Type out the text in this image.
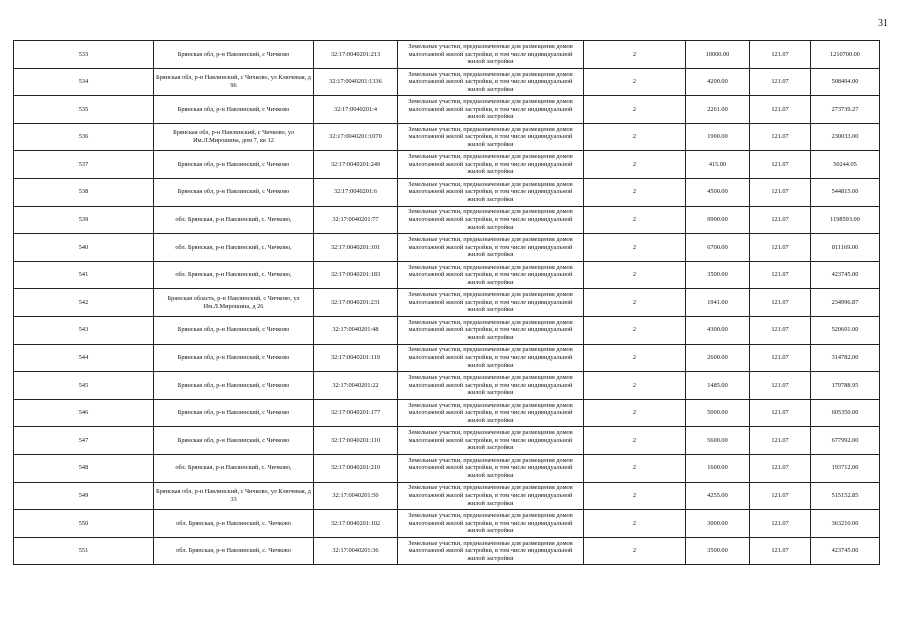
31
533	Брянская обл, р-н Навлинский, с Чичково	32:17:0040201:213	Земельные участки, предназначенные для размещения домов малоэтажной жилой застройки, в том числе индивидуальной жилой застройки	2	10000.00	121.07	1210700.00
534	Брянская обл, р-н Навлинский, с Чичково, ул Ключевая, д 96	32:17:0040201:1336	Земельные участки, предназначенные для размещения домов малоэтажной жилой застройки, в том числе индивидуальной жилой застройки	2	4200.00	121.07	508494.00
535	Брянская обл, р-н Навлинский, с Чичково	32:17:0040201:4	Земельные участки, предназначенные для размещения домов малоэтажной жилой застройки, в том числе индивидуальной жилой застройки	2	2261.00	121.07	273739.27
536	Брянская обл, р-н Навлинский, с Чичково, ул Им.Л.Мирошина, дом 7, кв 12	32:17:0040201:1070	Земельные участки, предназначенные для размещения домов малоэтажной жилой застройки, в том числе индивидуальной жилой застройки	2	1900.00	121.07	230033.00
537	Брянская обл, р-н Навлинский, с Чичково	32:17:0040201:249	Земельные участки, предназначенные для размещения домов малоэтажной жилой застройки, в том числе индивидуальной жилой застройки	2	415.00	121.07	50244.05
538	Брянская обл, р-н Навлинский, с Чичково	32:17:0040201:6	Земельные участки, предназначенные для размещения домов малоэтажной жилой застройки, в том числе индивидуальной жилой застройки	2	4500.00	121.07	544815.00
539	обл. Брянская, р-н Навлинский, с. Чичково,	32:17:0040201:77	Земельные участки, предназначенные для размещения домов малоэтажной жилой застройки, в том числе индивидуальной жилой застройки	2	9900.00	121.07	1198593.00
540	обл. Брянская, р-н Навлинский, с. Чичково,	32:17:0040201:101	Земельные участки, предназначенные для размещения домов малоэтажной жилой застройки, в том числе индивидуальной жилой застройки	2	6700.00	121.07	811169.00
541	обл. Брянская, р-н Навлинский, с. Чичково,	32:17:0040201:183	Земельные участки, предназначенные для размещения домов малоэтажной жилой застройки, в том числе индивидуальной жилой застройки	2	3500.00	121.07	423745.00
542	Брянская область, р-н Навлинский, с Чичково, ул Им.Л.Мирошина, д 26	32:17:0040201:231	Земельные участки, предназначенные для размещения домов малоэтажной жилой застройки, в том числе индивидуальной жилой застройки	2	1941.00	121.07	234996.87
543	Брянская обл, р-н Навлинский, с Чичково	32:17:0040201:48	Земельные участки, предназначенные для размещения домов малоэтажной жилой застройки, в том числе индивидуальной жилой застройки	2	4300.00	121.07	520601.00
544	Брянская обл, р-н Навлинский, с Чичково	32:17:0040201:119	Земельные участки, предназначенные для размещения домов малоэтажной жилой застройки, в том числе индивидуальной жилой застройки	2	2600.00	121.07	314782.00
545	Брянская обл, р-н Навлинский, с Чичково	32:17:0040201:22	Земельные участки, предназначенные для размещения домов малоэтажной жилой застройки, в том числе индивидуальной жилой застройки	2	1485.00	121.07	179788.95
546	Брянская обл, р-н Навлинский, с Чичково	32:17:0040201:177	Земельные участки, предназначенные для размещения домов малоэтажной жилой застройки, в том числе индивидуальной жилой застройки	2	5000.00	121.07	605350.00
547	Брянская обл, р-н Навлинский, с Чичково	32:17:0040201:110	Земельные участки, предназначенные для размещения домов малоэтажной жилой застройки, в том числе индивидуальной жилой застройки	2	5600.00	121.07	677992.00
548	обл. Брянская, р-н Навлинский, с. Чичково,	32:17:0040201:210	Земельные участки, предназначенные для размещения домов малоэтажной жилой застройки, в том числе индивидуальной жилой застройки	2	1600.00	121.07	193712.00
549	Брянская обл, р-н Навлинский, с Чичково, ул Ключевая, д 33	32:17:0040201:50	Земельные участки, предназначенные для размещения домов малоэтажной жилой застройки, в том числе индивидуальной жилой застройки	2	4255.00	121.07	515152.85
550	обл. Брянская, р-н Навлинский, с. Чичково	32:17:0040201:102	Земельные участки, предназначенные для размещения домов малоэтажной жилой застройки, в том числе индивидуальной жилой застройки	2	3000.00	121.07	363210.00
551	обл. Брянская, р-н Навлинский, с. Чичково	32:17:0040201:36	Земельные участки, предназначенные для размещения домов малоэтажной жилой застройки, в том числе индивидуальной жилой застройки	2	3500.00	121.07	423745.00
